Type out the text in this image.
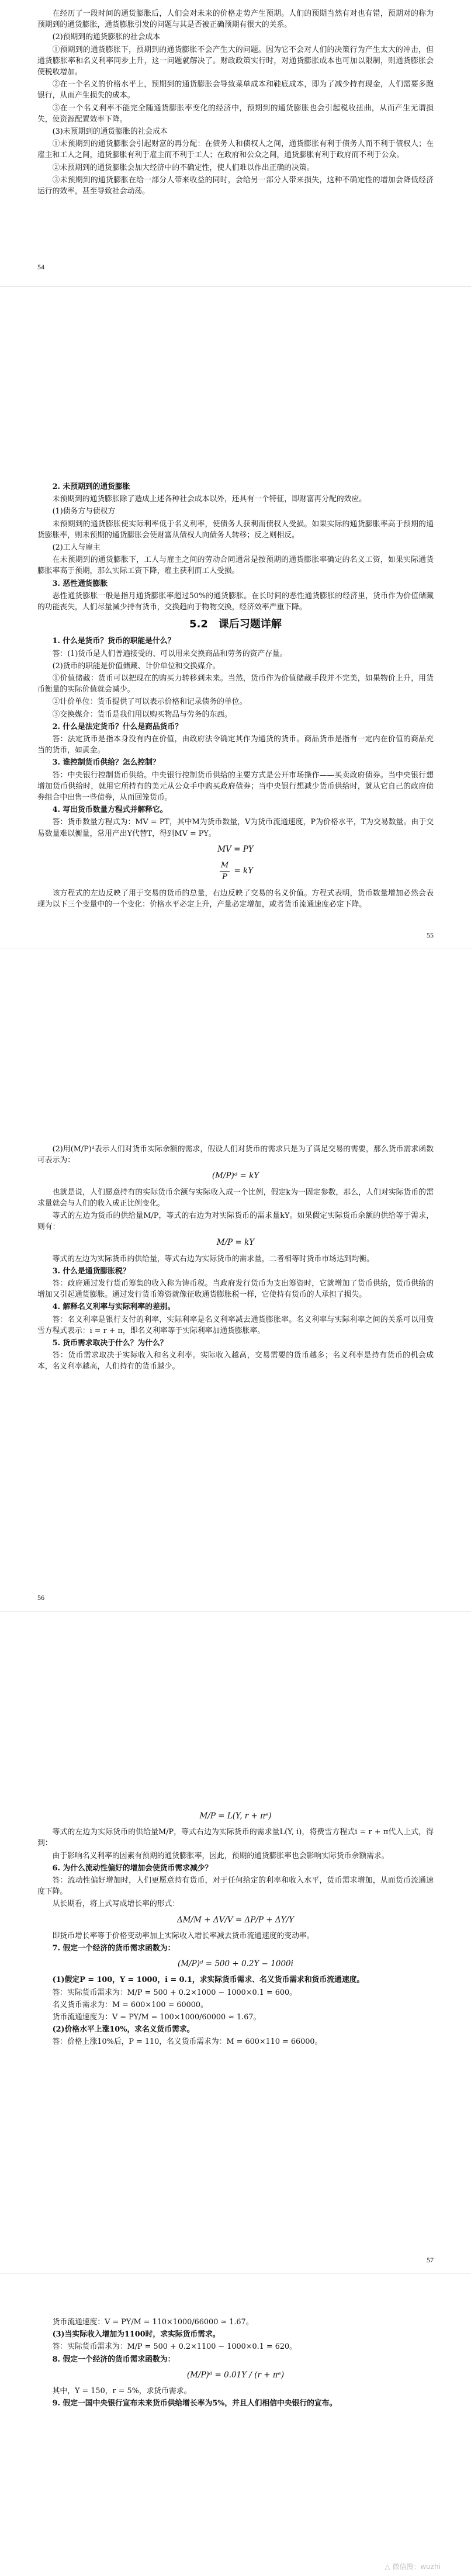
在经历了一段时间的通货膨胀后，人们会对未来的价格走势产生预期。人们的预期当然有对也有错，预期对的称为预期到的通货膨胀，通货膨胀引发的问题与其是否被正确预期有很大的关系。

(2)预期到的通货膨胀的社会成本

①预期到的通货膨胀下，预期到的通货膨胀不会产生大的问题。因为它不会对人们的决策行为产生太大的冲击，但通货膨胀率和名义利率同步上升，这一问题就解决了。财政政策实行时，对通货膨胀成本也可加以限制，则通货膨胀会使税收增加。

②在一个名义的价格水平上，预期到的通货膨胀会导致菜单成本和鞋底成本，即为了减少持有现金，人们需要多跑银行，从而产生损失的成本。

③在一个名义利率不能完全随通货膨胀率变化的经济中，预期到的通货膨胀也会引起税收扭曲，从而产生无谓损失，使资源配置效率下降。

(3)未预期到的通货膨胀的社会成本

①未预期到的通货膨胀会引起财富的再分配：在债务人和债权人之间，通货膨胀有利于债务人而不利于债权人；在雇主和工人之间，通货膨胀有利于雇主而不利于工人；在政府和公众之间，通货膨胀有利于政府而不利于公众。

②未预期到的通货膨胀会加大经济中的不确定性，使人们难以作出正确的决策。

③未预期到的通货膨胀在给一部分人带来收益的同时，会给另一部分人带来损失，这种不确定性的增加会降低经济运行的效率，甚至导致社会动荡。

54

2. 未预期到的通货膨胀

未预期到的通货膨胀除了造成上述各种社会成本以外，还具有一个特征，即财富再分配的效应。

(1)债务方与债权方

未预期到的通货膨胀使实际利率低于名义利率，使债务人获利而债权人受损。如果实际的通货膨胀率高于预期的通货膨胀率，则未预期的通货膨胀会使财富从债权人向债务人转移；反之则相反。

(2)工人与雇主

在未预期到的通货膨胀下，工人与雇主之间的劳动合同通常是按预期的通货膨胀率确定的名义工资，如果实际通货膨胀率高于预期，那么实际工资下降，雇主获利而工人受损。

3. 恶性通货膨胀

恶性通货膨胀一般是指月通货膨胀率超过50%的通货膨胀。在长时间的恶性通货膨胀的经济里，货币作为价值储藏的功能丧失，人们尽量减少持有货币，交换趋向于物物交换，经济效率严重下降。

5.2　课后习题详解

1. 什么是货币？货币的职能是什么？

答：(1)货币是人们普遍接受的、可以用来交换商品和劳务的资产存量。

(2)货币的职能是价值储藏、计价单位和交换媒介。

①价值储藏：货币可以把现在的购买力转移到未来。当然，货币作为价值储藏手段并不完美，如果物价上升，用货币衡量的实际价值就会减少。

②计价单位：货币提供了可以表示价格和记录债务的单位。

③交换媒介：货币是我们用以购买物品与劳务的东西。

2. 什么是法定货币？什么是商品货币？

答：法定货币是指本身没有内在价值，由政府法令确定其作为通货的货币。商品货币是指有一定内在价值的商品充当的货币，如黄金。

3. 谁控制货币供给？怎么控制？

答：中央银行控制货币供给。中央银行控制货币供给的主要方式是公开市场操作——买卖政府债券。当中央银行想增加货币供给时，就用它所持有的美元从公众手中购买政府债券；当中央银行想减少货币供给时，就从它自己的政府债券组合中出售一些债券，从而回笼货币。

4. 写出货币数量方程式并解释它。

答：货币数量方程式为：MV = PT，其中M为货币数量，V为货币流通速度，P为价格水平，T为交易数量。由于交易数量难以衡量，常用产出Y代替T，得到MV = PY。

MV = PY
$\frac{M}{P}$ = kY

该方程式的左边反映了用于交易的货币的总量，右边反映了交易的名义价值。方程式表明，货币数量增加必然会表现为以下三个变量中的一个变化：价格水平必定上升，产量必定增加，或者货币流通速度必定下降。

55

(2)用(M/P)ᵈ表示人们对货币实际余额的需求，假设人们对货币的需求只是为了满足交易的需要，那么货币需求函数可表示为：

(M/P)ᵈ = kY

也就是说，人们愿意持有的实际货币余额与实际收入成一个比例，假定k为一固定参数，那么，人们对实际货币的需求量就会与人们的收入成正比例变化。

等式的左边为货币的供给量M/P，等式的右边为对实际货币的需求量kY。如果假定实际货币余额的供给等于需求，则有：

M/P = kY

等式的左边为实际货币的供给量，等式右边为实际货币的需求量，二者相等时货币市场达到均衡。

3. 什么是通货膨胀税？

答：政府通过发行货币筹集的收入称为铸币税。当政府发行货币为支出筹资时，它就增加了货币供给，货币供给的增加又引起通货膨胀。通过发行货币筹资就像征收通货膨胀税一样，它使持有货币的人承担了损失。

4. 解释名义利率与实际利率的差别。

答：名义利率是银行支付的利率，实际利率是名义利率减去通货膨胀率。名义利率与实际利率之间的关系可以用费雪方程式表示：i = r + π，即名义利率等于实际利率加通货膨胀率。

5. 货币需求取决于什么？为什么？

答：货币需求取决于实际收入和名义利率。实际收入越高，交易需要的货币越多；名义利率是持有货币的机会成本，名义利率越高，人们持有的货币越少。

56
M/P = L(Y, r + πᵉ)

等式的左边为实际货币的供给量M/P，等式右边为实际货币的需求量L(Y, i)，将费雪方程式i = r + π代入上式，得到：

由于影响名义利率的因素有预期的通货膨胀率，因此，预期的通货膨胀率也会影响实际货币余额需求。

6. 为什么流动性偏好的增加会使货币需求减少？

答：流动性偏好增加时，人们更愿意持有货币，对于任何给定的利率和收入水平，货币需求增加，从而货币流通速度下降。

从长期看，将上式写成增长率的形式：

ΔM/M + ΔV/V = ΔP/P + ΔY/Y

即货币增长率等于价格变动率加上实际收入增长率减去货币流通速度的变动率。

7. 假定一个经济的货币需求函数为：

(M/P)ᵈ = 500 + 0.2Y − 1000i

(1)假定P = 100，Y = 1000，i = 0.1，求实际货币需求、名义货币需求和货币流通速度。

答：实际货币需求为：M/P = 500 + 0.2×1000 − 1000×0.1 = 600。

名义货币需求为：M = 600×100 = 60000。

货币流通速度为：V = PY/M = 100×1000/60000 ≈ 1.67。

(2)价格水平上涨10%，求名义货币需求。

答：价格上涨10%后，P = 110，名义货币需求为：M = 600×110 = 66000。

57

货币流通速度：V = PY/M = 110×1000/66000 ≈ 1.67。

(3)当实际收入增加为1100时，求实际货币需求。

答：实际货币需求为：M/P = 500 + 0.2×1100 − 1000×0.1 = 620。

8. 假定一个经济的货币需求函数为：

(M/P)ᵈ = 0.01Y / (r + πᵉ)

其中，Y = 150，r = 5%，求货币需求。

9. 假定一国中央银行宣布未来货币供给增长率为5%，并且人们相信中央银行的宣布。

△ 微信搜：wuzhi
